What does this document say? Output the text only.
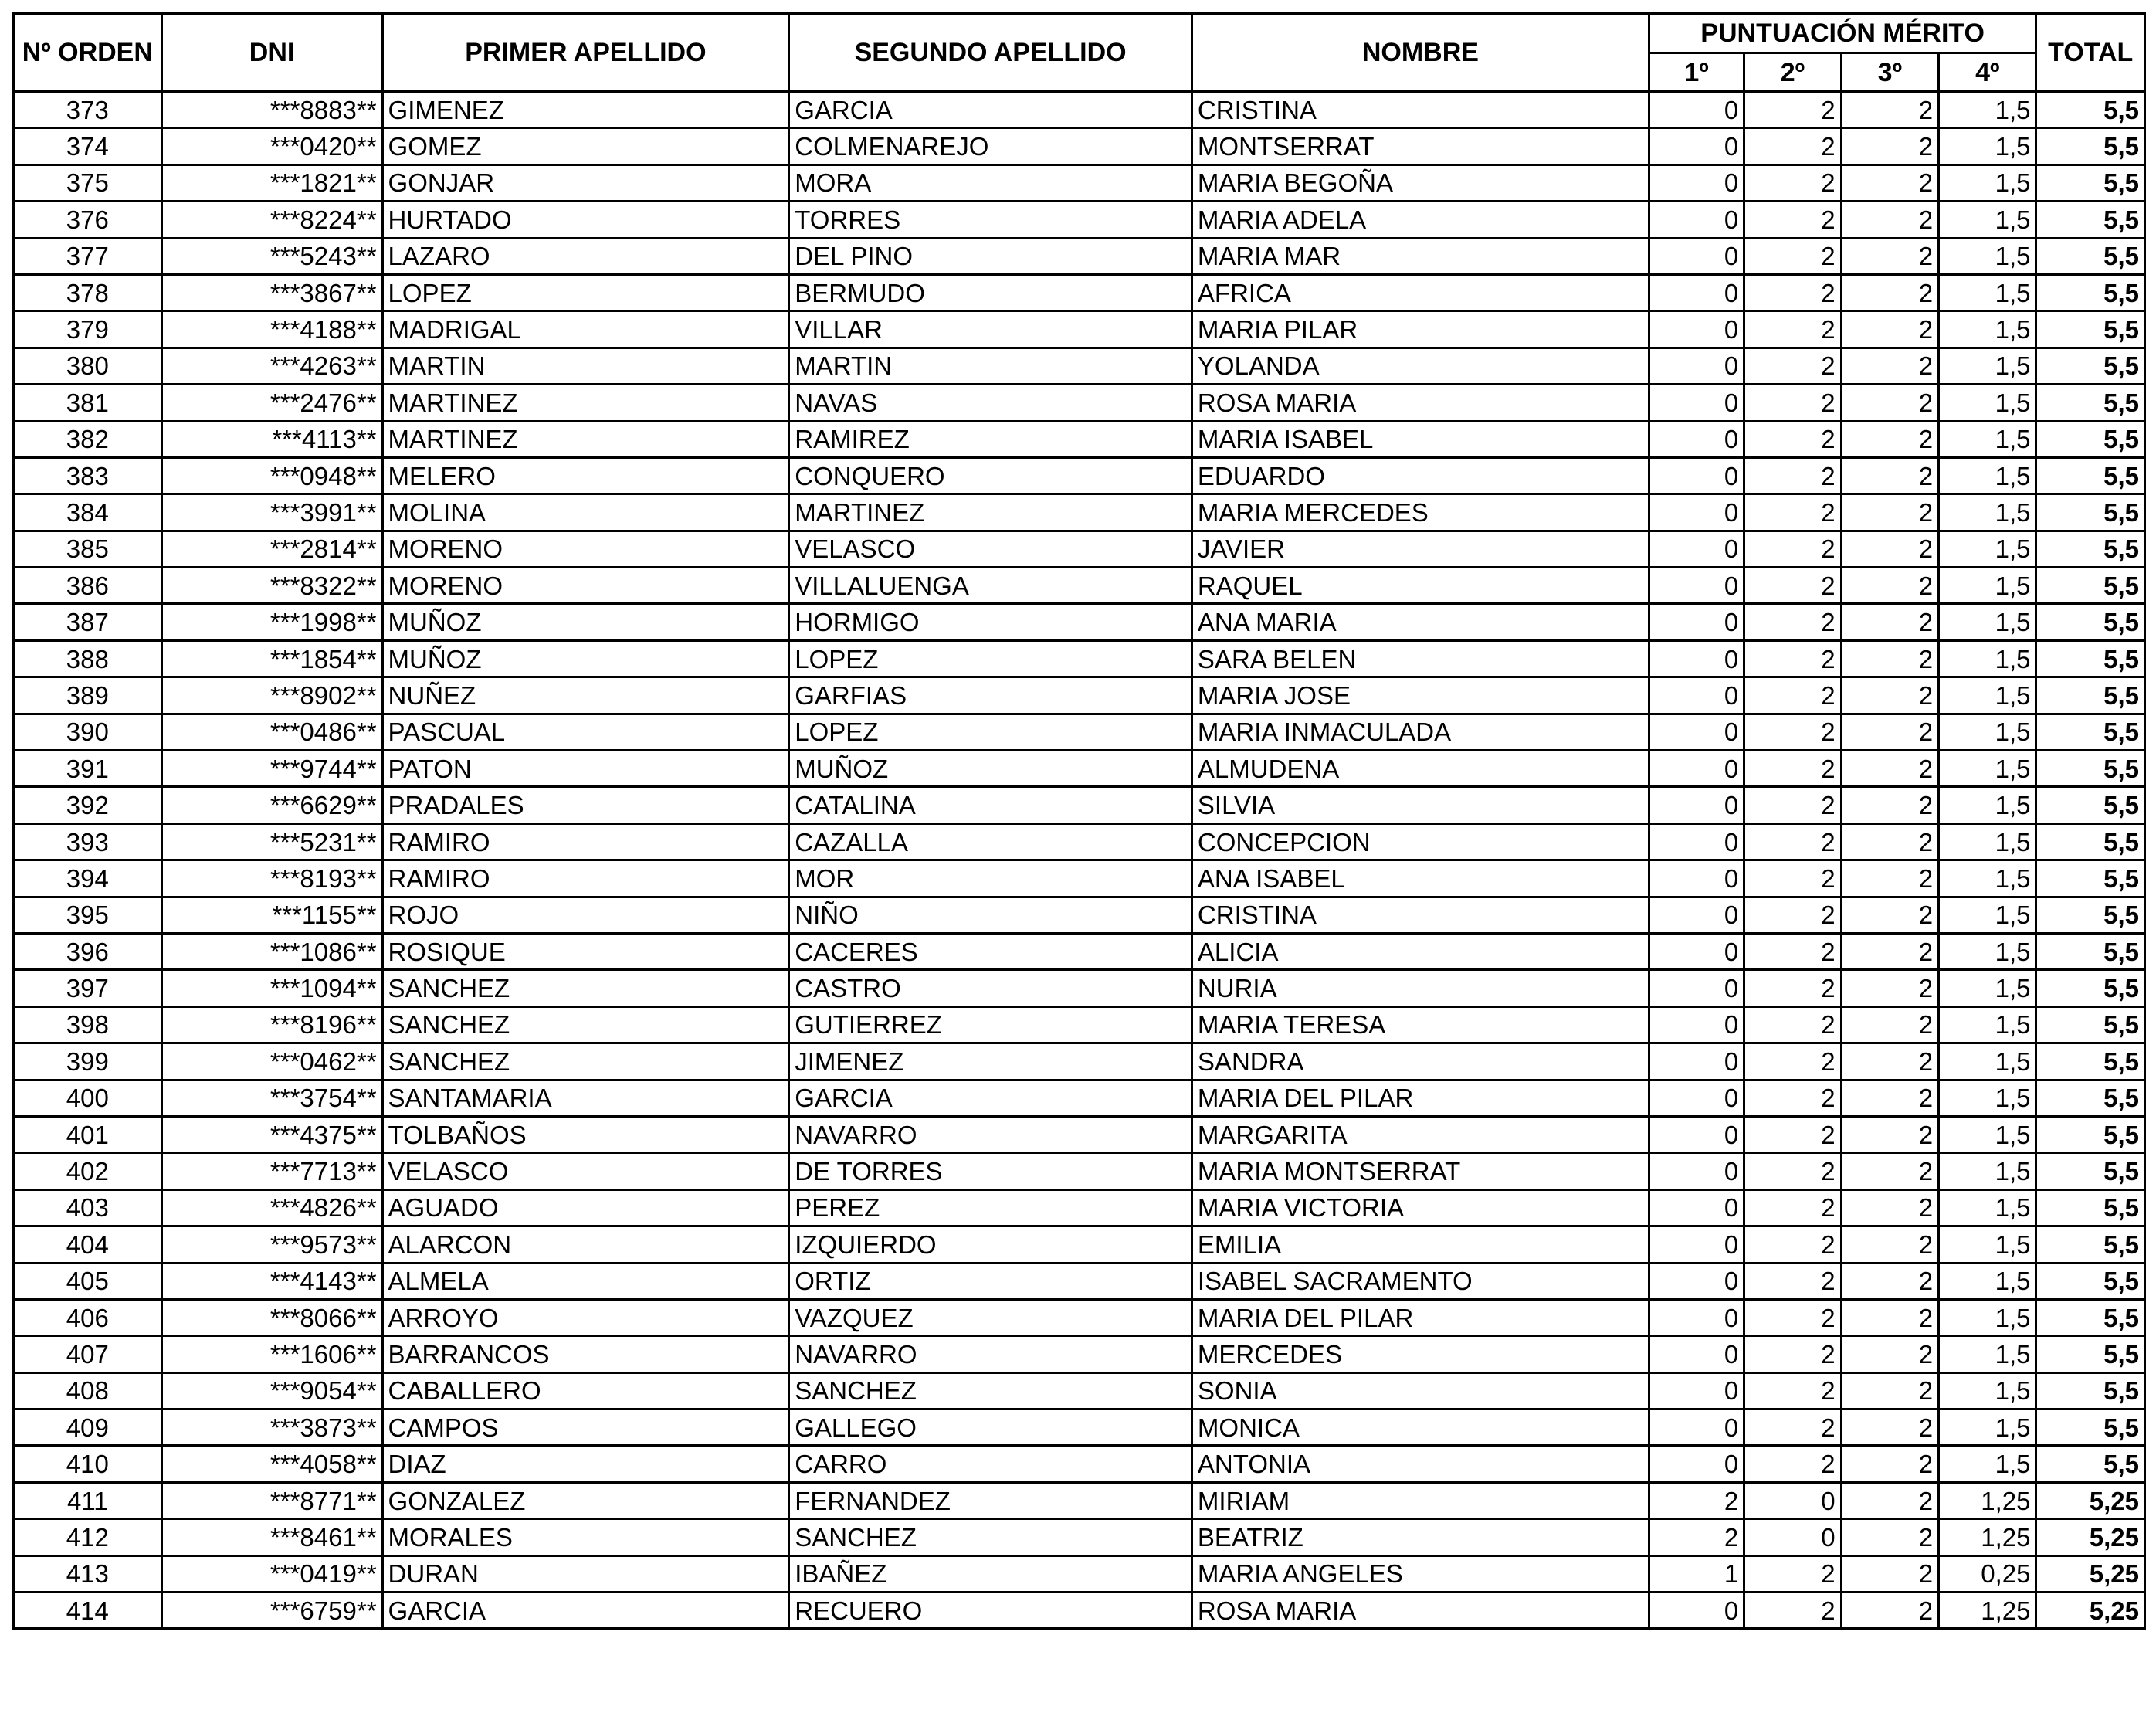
Nº ORDEN	DNI	PRIMER APELLIDO	SEGUNDO APELLIDO	NOMBRE	PUNTUACIÓN MÉRITO				TOTAL
					1º	2º	3º	4º	
373	***8883**	GIMENEZ	GARCIA	CRISTINA	0	2	2	1,5	5,5
374	***0420**	GOMEZ	COLMENAREJO	MONTSERRAT	0	2	2	1,5	5,5
375	***1821**	GONJAR	MORA	MARIA BEGOÑA	0	2	2	1,5	5,5
376	***8224**	HURTADO	TORRES	MARIA ADELA	0	2	2	1,5	5,5
377	***5243**	LAZARO	DEL PINO	MARIA MAR	0	2	2	1,5	5,5
378	***3867**	LOPEZ	BERMUDO	AFRICA	0	2	2	1,5	5,5
379	***4188**	MADRIGAL	VILLAR	MARIA PILAR	0	2	2	1,5	5,5
380	***4263**	MARTIN	MARTIN	YOLANDA	0	2	2	1,5	5,5
381	***2476**	MARTINEZ	NAVAS	ROSA MARIA	0	2	2	1,5	5,5
382	***4113**	MARTINEZ	RAMIREZ	MARIA ISABEL	0	2	2	1,5	5,5
383	***0948**	MELERO	CONQUERO	EDUARDO	0	2	2	1,5	5,5
384	***3991**	MOLINA	MARTINEZ	MARIA MERCEDES	0	2	2	1,5	5,5
385	***2814**	MORENO	VELASCO	JAVIER	0	2	2	1,5	5,5
386	***8322**	MORENO	VILLALUENGA	RAQUEL	0	2	2	1,5	5,5
387	***1998**	MUÑOZ	HORMIGO	ANA MARIA	0	2	2	1,5	5,5
388	***1854**	MUÑOZ	LOPEZ	SARA BELEN	0	2	2	1,5	5,5
389	***8902**	NUÑEZ	GARFIAS	MARIA JOSE	0	2	2	1,5	5,5
390	***0486**	PASCUAL	LOPEZ	MARIA INMACULADA	0	2	2	1,5	5,5
391	***9744**	PATON	MUÑOZ	ALMUDENA	0	2	2	1,5	5,5
392	***6629**	PRADALES	CATALINA	SILVIA	0	2	2	1,5	5,5
393	***5231**	RAMIRO	CAZALLA	CONCEPCION	0	2	2	1,5	5,5
394	***8193**	RAMIRO	MOR	ANA ISABEL	0	2	2	1,5	5,5
395	***1155**	ROJO	NIÑO	CRISTINA	0	2	2	1,5	5,5
396	***1086**	ROSIQUE	CACERES	ALICIA	0	2	2	1,5	5,5
397	***1094**	SANCHEZ	CASTRO	NURIA	0	2	2	1,5	5,5
398	***8196**	SANCHEZ	GUTIERREZ	MARIA TERESA	0	2	2	1,5	5,5
399	***0462**	SANCHEZ	JIMENEZ	SANDRA	0	2	2	1,5	5,5
400	***3754**	SANTAMARIA	GARCIA	MARIA DEL PILAR	0	2	2	1,5	5,5
401	***4375**	TOLBAÑOS	NAVARRO	MARGARITA	0	2	2	1,5	5,5
402	***7713**	VELASCO	DE TORRES	MARIA MONTSERRAT	0	2	2	1,5	5,5
403	***4826**	AGUADO	PEREZ	MARIA VICTORIA	0	2	2	1,5	5,5
404	***9573**	ALARCON	IZQUIERDO	EMILIA	0	2	2	1,5	5,5
405	***4143**	ALMELA	ORTIZ	ISABEL SACRAMENTO	0	2	2	1,5	5,5
406	***8066**	ARROYO	VAZQUEZ	MARIA DEL PILAR	0	2	2	1,5	5,5
407	***1606**	BARRANCOS	NAVARRO	MERCEDES	0	2	2	1,5	5,5
408	***9054**	CABALLERO	SANCHEZ	SONIA	0	2	2	1,5	5,5
409	***3873**	CAMPOS	GALLEGO	MONICA	0	2	2	1,5	5,5
410	***4058**	DIAZ	CARRO	ANTONIA	0	2	2	1,5	5,5
411	***8771**	GONZALEZ	FERNANDEZ	MIRIAM	2	0	2	1,25	5,25
412	***8461**	MORALES	SANCHEZ	BEATRIZ	2	0	2	1,25	5,25
413	***0419**	DURAN	IBAÑEZ	MARIA ANGELES	1	2	2	0,25	5,25
414	***6759**	GARCIA	RECUERO	ROSA MARIA	0	2	2	1,25	5,25
